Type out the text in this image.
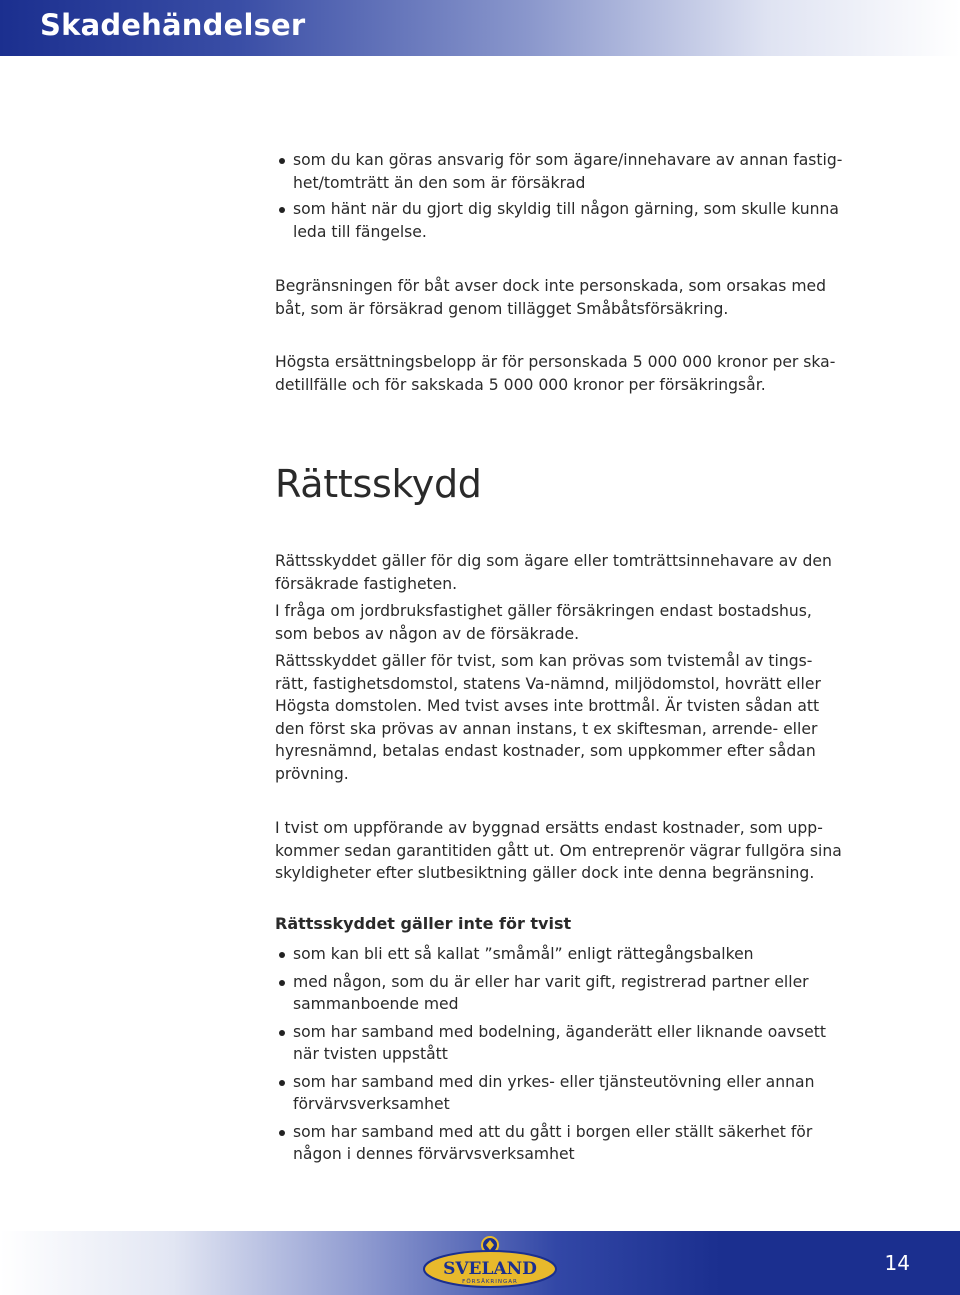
Skadehändelser
som du kan göras ansvarig för som ägare/innehavare av annan fastig-
het/tomträtt än den som är försäkrad
som hänt när du gjort dig skyldig till någon gärning, som skulle kunna
leda till fängelse.

Begränsningen för båt avser dock inte personskada, som orsakas med
båt, som är försäkrad genom tillägget Småbåtsförsäkring.

Högsta ersättningsbelopp är för personskada 5 000 000 kronor per ska-
detillfälle och för sakskada 5 000 000 kronor per försäkringsår.

Rättsskydd

Rättsskyddet gäller för dig som ägare eller tomträttsinnehavare av den
försäkrade fastigheten.

I fråga om jordbruksfastighet gäller försäkringen endast bostadshus,
som bebos av någon av de försäkrade.

Rättsskyddet gäller för tvist, som kan prövas som tvistemål av tings-
rätt, fastighetsdomstol, statens Va-nämnd, miljödomstol, hovrätt eller
Högsta domstolen. Med tvist avses inte brottmål. Är tvisten sådan att
den först ska prövas av annan instans, t ex skiftesman, arrende- eller
hyresnämnd, betalas endast kostnader, som uppkommer efter sådan
prövning.

I tvist om uppförande av byggnad ersätts endast kostnader, som upp-
kommer sedan garantitiden gått ut. Om entreprenör vägrar fullgöra sina
skyldigheter efter slutbesiktning gäller dock inte denna begränsning.

Rättsskyddet gäller inte för tvist
som kan bli ett så kallat ”småmål” enligt rättegångsbalken
med någon, som du är eller har varit gift, registrerad partner eller
sammanboende med
som har samband med bodelning, äganderätt eller liknande oavsett
när tvisten uppstått
som har samband med din yrkes- eller tjänsteutövning eller annan
förvärvsverksamhet
som har samband med att du gått i borgen eller ställt säkerhet för
någon i dennes förvärvsverksamhet
SVELAND
FÖRSÄKRINGAR
14
